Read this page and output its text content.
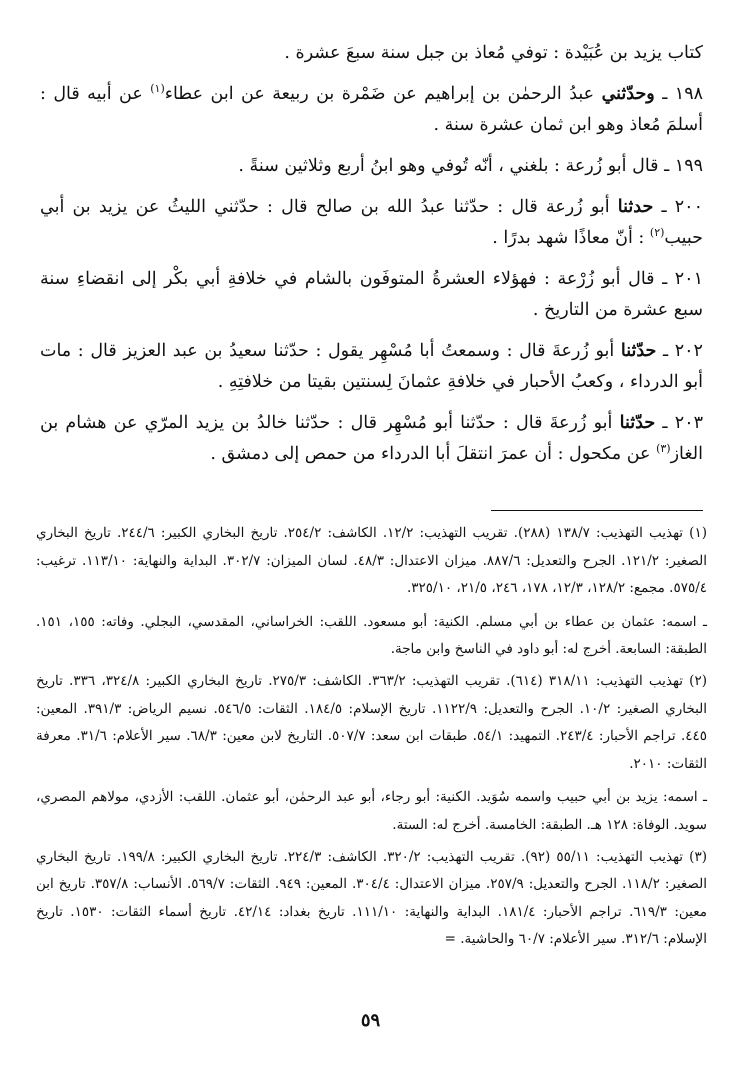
كتاب يزيد بن عُبَيْدة : توفي مُعاذ بن جبل سنة سبعَ عشرة .

١٩٨ ـ وحدّثني عبدُ الرحمٰن بن إبراهيم عن ضَمْرة بن ربيعة عن ابن عطاء$^{(١)}$ عن أبيه قال : أسلمَ مُعاذ وهو ابن ثمان عشرة سنة .

١٩٩ ـ قال أبو زُرعة : بلغني ، أنّه تُوفي وهو ابنُ أربع وثلاثين سنةً .

٢٠٠ ـ حدثنا أبو زُرعة قال : حدّثنا عبدُ الله بن صالح قال : حدّثني الليثُ عن يزيد بن أبي حبيب$^{(٢)}$ : أنّ معاذًا شهد بدرًا .

٢٠١ ـ قال أبو زُرْعة : فهؤلاء العشرةُ المتوفَون بالشام في خلافةِ أبي بكْر إلى انقضاءِ سنة سبع عشرة من التاريخ .

٢٠٢ ـ حدّثنا أبو زُرعةَ قال : وسمعتُ أبا مُسْهِر يقول : حدّثنا سعيدُ بن عبد العزيز قال : مات أبو الدرداء ، وكعبُ الأحبار في خلافةِ عثمانَ لِسنتين بقيتا من خلافتِهِ .

٢٠٣ ـ حدّثنا أبو زُرعةَ قال : حدّثنا أبو مُسْهِر قال : حدّثنا خالدُ بن يزيد المرّي عن هشام بن الغاز$^{(٣)}$ عن مكحول : أن عمرَ انتقلَ أبا الدرداء من حمص إلى دمشق .

(١) تهذيب التهذيب: ١٣٨/٧ (٢٨٨). تقريب التهذيب: ١٢/٢. الكاشف: ٢٥٤/٢. تاريخ البخاري الكبير: ٢٤٤/٦. تاريخ البخاري الصغير: ١٢١/٢. الجرح والتعديل: ٨٨٧/٦. ميزان الاعتدال: ٤٨/٣. لسان الميزان: ٣٠٢/٧. البداية والنهاية: ١١٣/١٠. ترغيب: ٥٧٥/٤. مجمع: ١٢٨/٢، ١٢/٣، ١٧٨، ٢٤٦، ٢١/٥، ٣٢٥/١٠.

ـ اسمه: عثمان بن عطاء بن أبي مسلم. الكنية: أبو مسعود. اللقب: الخراساني، المقدسي، البجلي. وفاته: ١٥٥، ١٥١. الطبقة: السابعة. أخرج له: أبو داود في الناسخ وابن ماجة.

(٢) تهذيب التهذيب: ٣١٨/١١ (٦١٤). تقريب التهذيب: ٣٦٣/٢. الكاشف: ٢٧٥/٣. تاريخ البخاري الكبير: ٣٢٤/٨، ٣٣٦. تاريخ البخاري الصغير: ١٠/٢. الجرح والتعديل: ١١٢٢/٩. تاريخ الإسلام: ١٨٤/٥. الثقات: ٥٤٦/٥. نسيم الرياض: ٣٩١/٣. المعين: ٤٤٥. تراجم الأحبار: ٢٤٣/٤. التمهيد: ٥٤/١. طبقات ابن سعد: ٥٠٧/٧. التاريخ لابن معين: ٦٨/٣. سير الأعلام: ٣١/٦. معرفة الثقات: ٢٠١٠.

ـ اسمه: يزيد بن أبي حبيب واسمه سُوَيد. الكنية: أبو رجاء، أبو عبد الرحمٰن، أبو عثمان. اللقب: الأزدي، مولاهم المصري، سويد. الوفاة: ١٢٨ هـ. الطبقة: الخامسة. أخرج له: الستة.

(٣) تهذيب التهذيب: ٥٥/١١ (٩٢). تقريب التهذيب: ٣٢٠/٢. الكاشف: ٢٢٤/٣. تاريخ البخاري الكبير: ١٩٩/٨. تاريخ البخاري الصغير: ١١٨/٢. الجرح والتعديل: ٢٥٧/٩. ميزان الاعتدال: ٣٠٤/٤. المعين: ٩٤٩. الثقات: ٥٦٩/٧. الأنساب: ٣٥٧/٨. تاريخ ابن معين: ٦١٩/٣. تراجم الأحبار: ١٨١/٤. البداية والنهاية: ١١١/١٠. تاريخ بغداد: ٤٢/١٤. تاريخ أسماء الثقات: ١٥٣٠. تاريخ الإسلام: ٣١٢/٦. سير الأعلام: ٦٠/٧ والحاشية. =

٥٩
